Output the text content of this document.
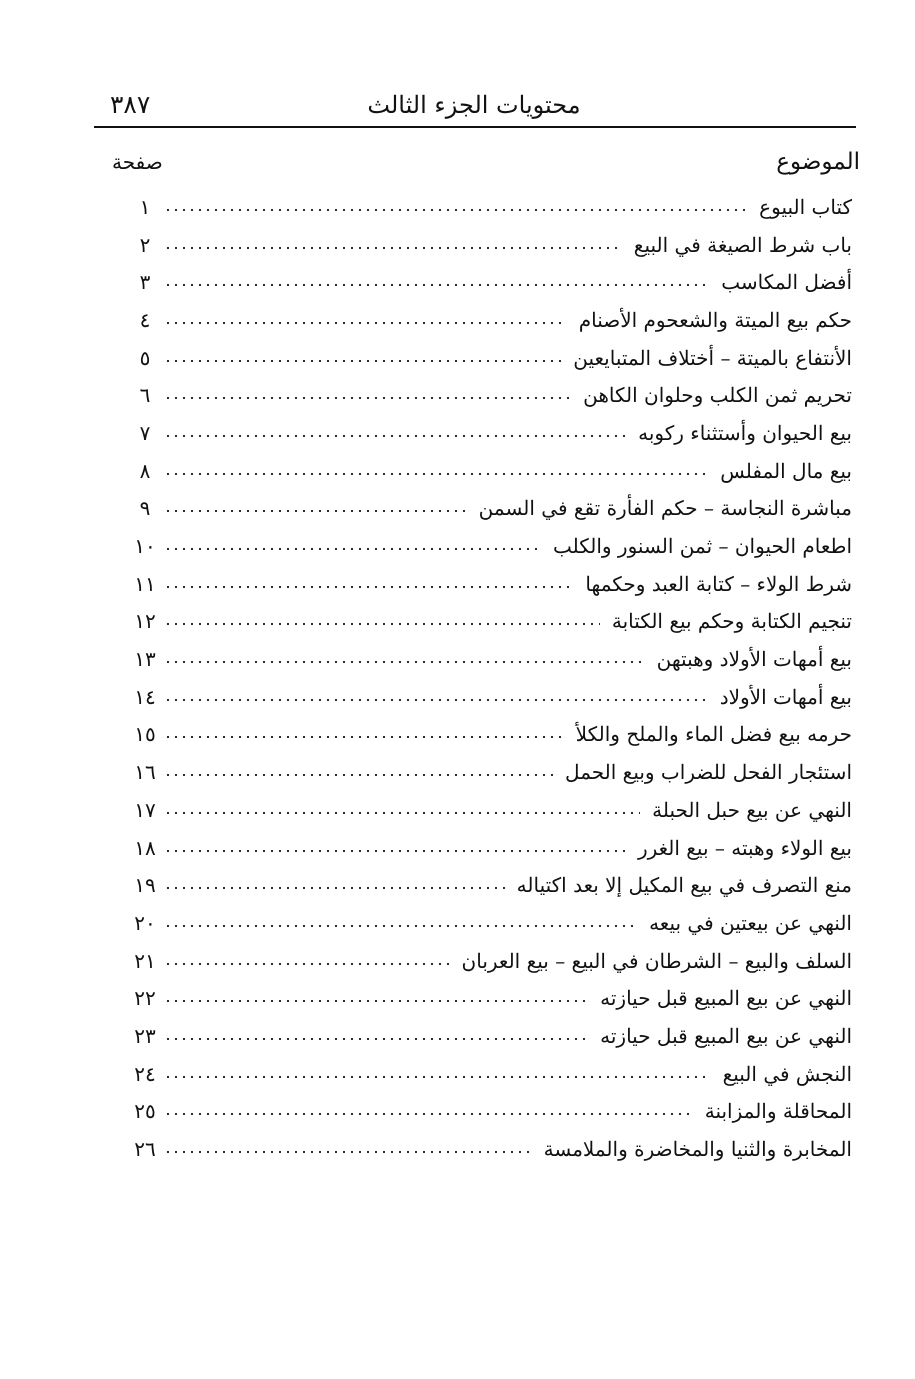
محتويات الجزء الثالث
٣٨٧
الموضوع
صفحة
كتاب البيوع
١
باب شرط الصيغة في البيع
٢
أفضل المكاسب
٣
حكم بيع الميتة والشعحوم الأصنام
٤
الأنتفاع بالميتة – أختلاف المتبايعين
٥
تحريم ثمن الكلب وحلوان الكاهن
٦
بيع الحيوان وأستثناء ركوبه
٧
بيع مال المفلس
٨
مباشرة النجاسة – حكم الفأرة تقع في السمن
٩
اطعام الحيوان – ثمن السنور والكلب
١٠
شرط الولاء – كتابة العبد وحكمها
١١
تنجيم الكتابة وحكم بيع الكتابة
١٢
بيع أمهات الأولاد وهبتهن
١٣
بيع أمهات الأولاد
١٤
حرمه بيع فضل الماء والملح والكلأ
١٥
استئجار الفحل للضراب وبيع الحمل
١٦
النهي عن بيع حبل الحبلة
١٧
بيع الولاء وهبته – بيع الغرر
١٨
منع التصرف في بيع المكيل إلا بعد اكتياله
١٩
النهي عن بيعتين في بيعه
٢٠
السلف والبيع – الشرطان في البيع – بيع العربان
٢١
النهي عن بيع المبيع قبل حيازته
٢٢
النهي عن بيع المبيع قبل حيازته
٢٣
النجش في البيع
٢٤
المحاقلة والمزابنة
٢٥
المخابرة والثنيا والمخاضرة والملامسة
٢٦
